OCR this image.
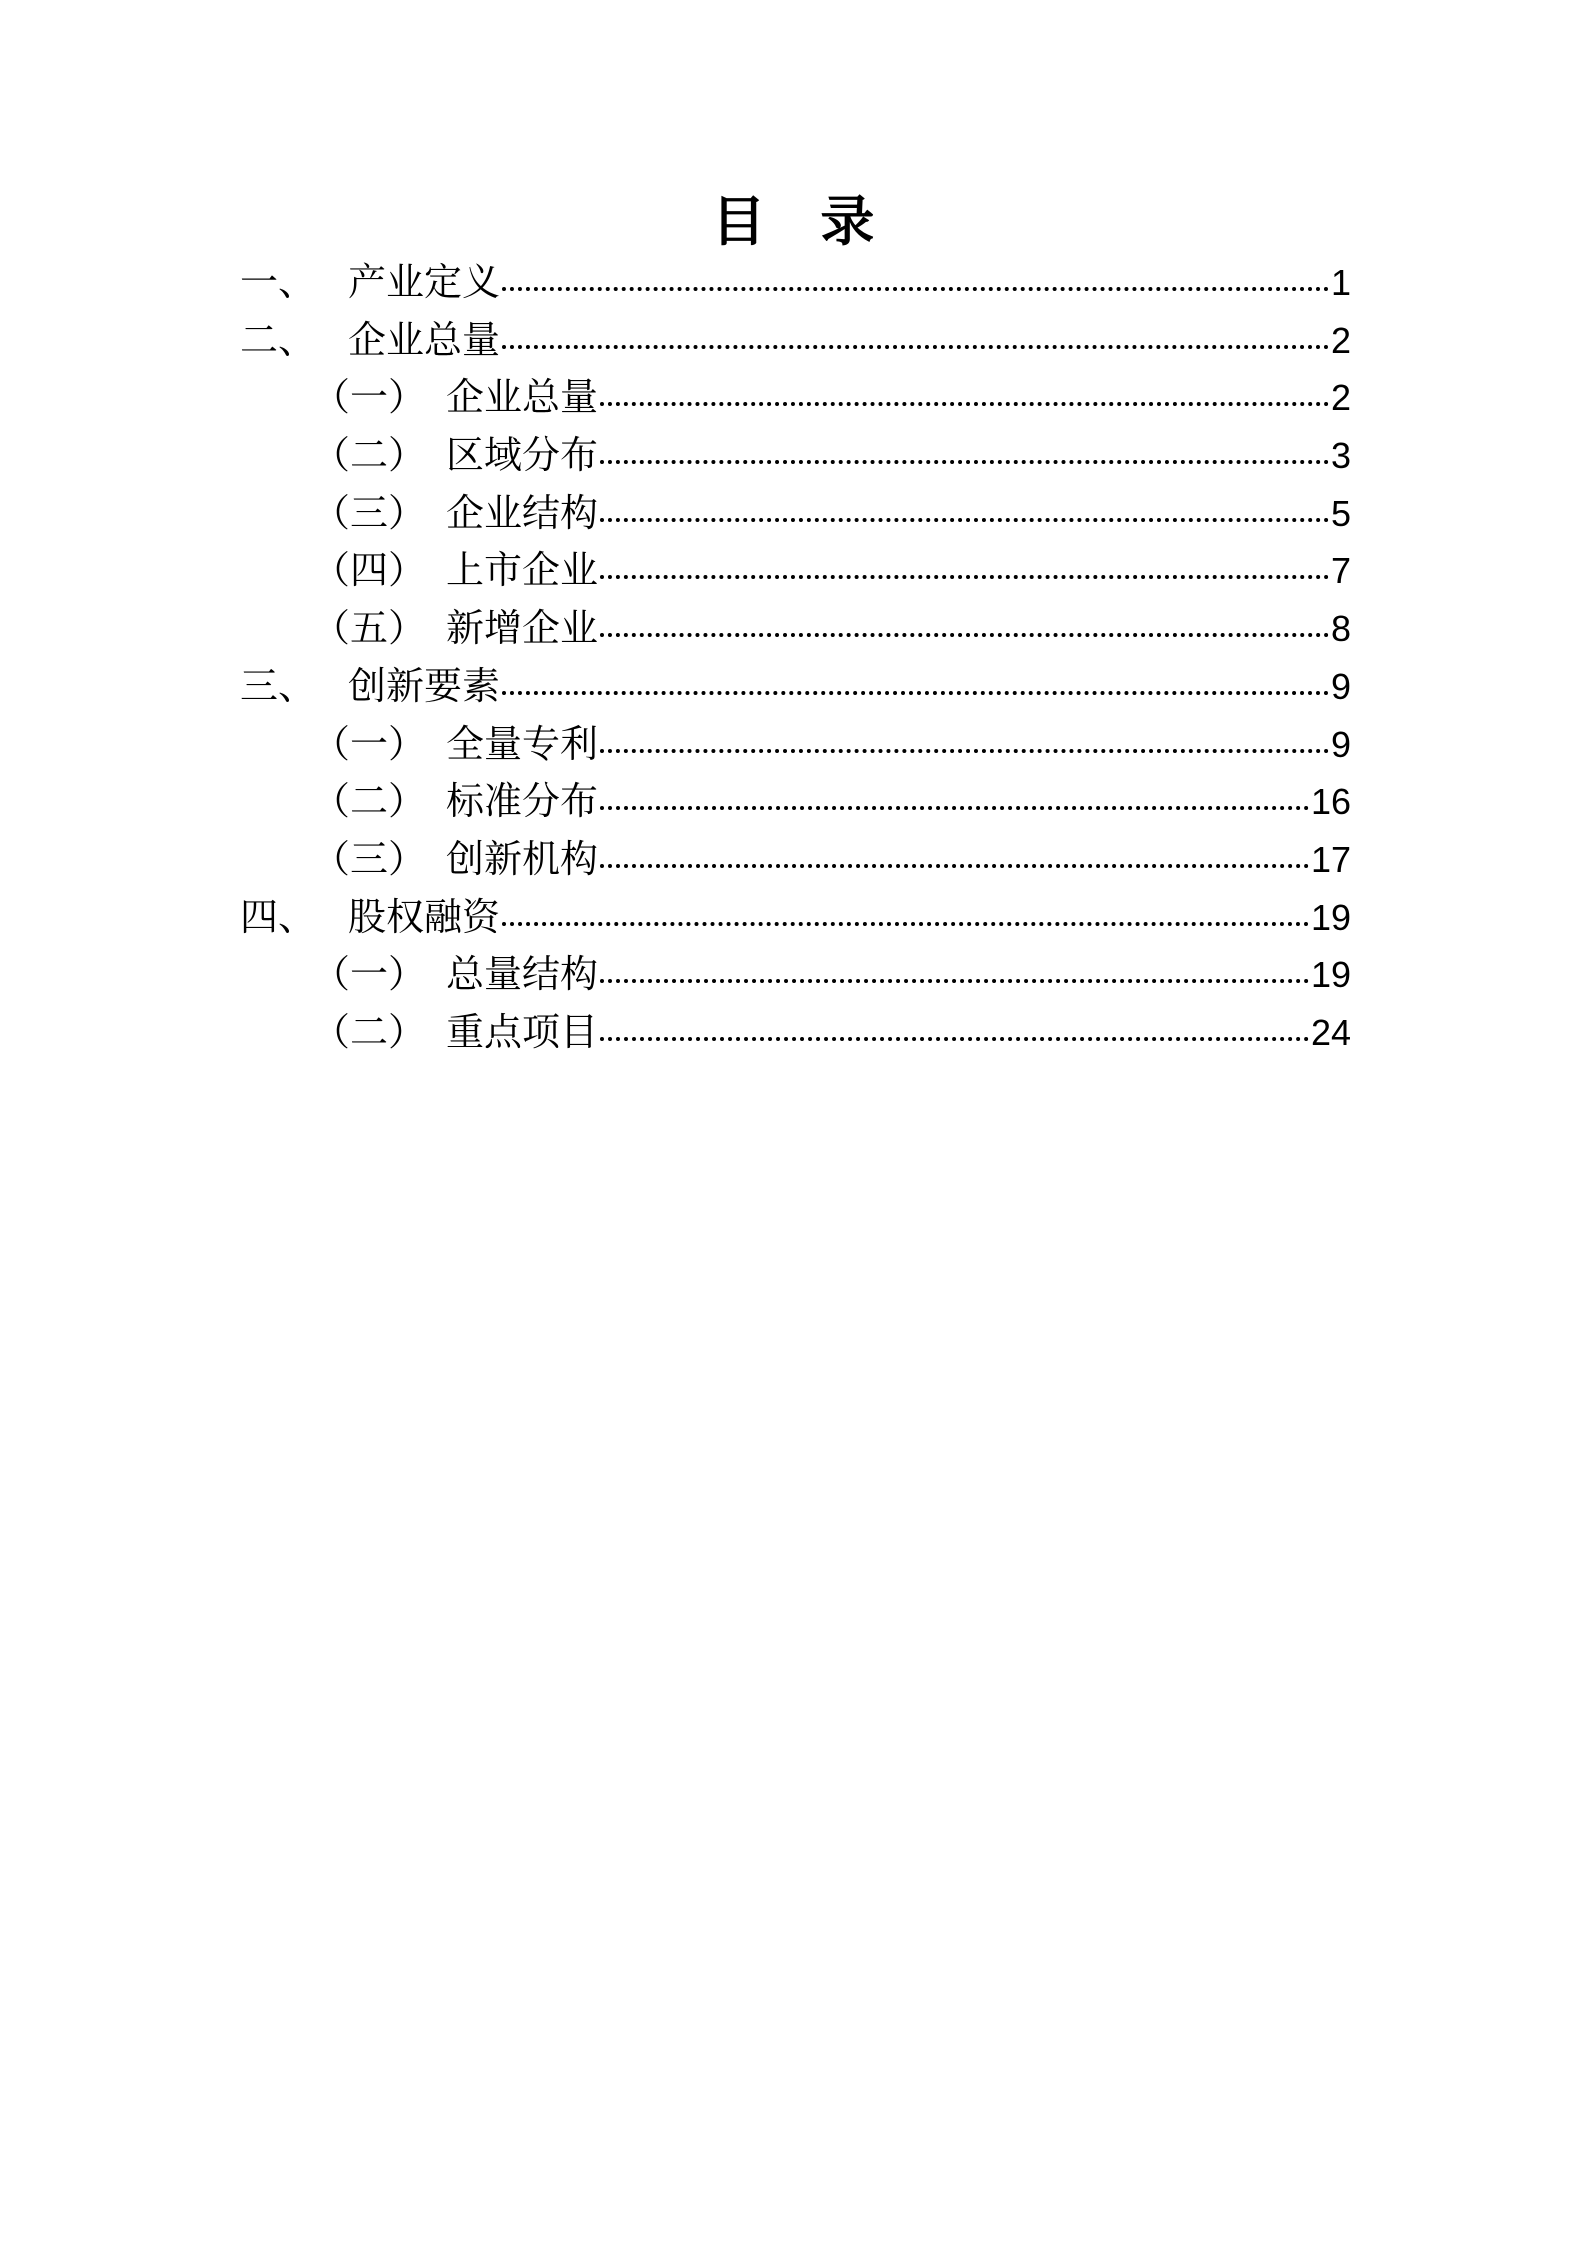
目 录
一、 产业定义	1
二、 企业总量	2
（一） 企业总量	2
（二） 区域分布	3
（三） 企业结构	5
（四） 上市企业	7
（五） 新增企业	8
三、 创新要素	9
（一） 全量专利	9
（二） 标准分布	16
（三） 创新机构	17
四、 股权融资	19
（一） 总量结构	19
（二） 重点项目	24
